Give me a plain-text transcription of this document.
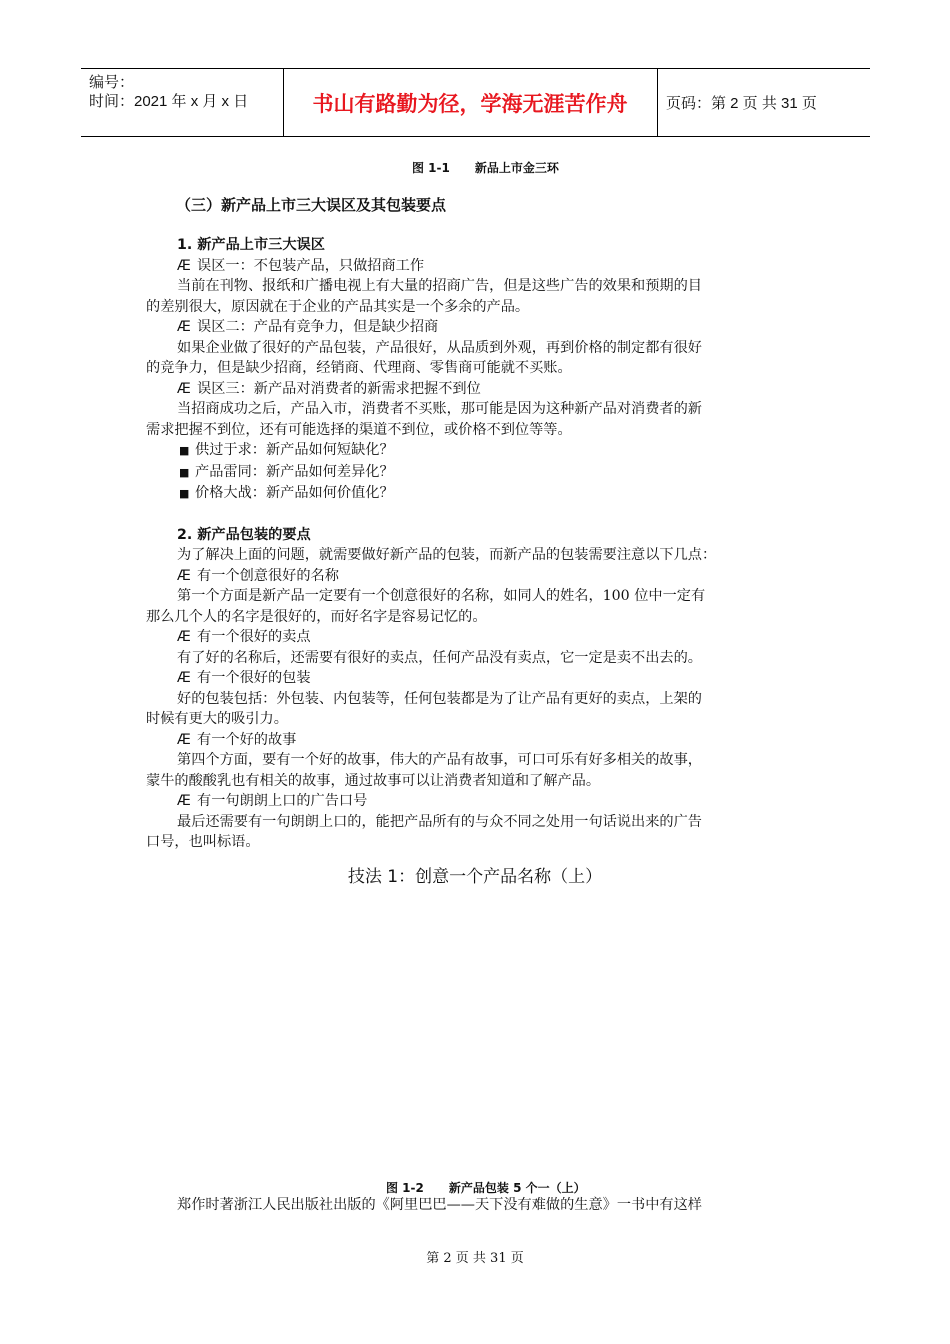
编号：
时间：2021 年 x 月 x 日	书山有路勤为径，学海无涯苦作舟	页码：第 2 页 共 31 页
图 1-1      新品上市金三环
（三）新产品上市三大误区及其包装要点
1. 新产品上市三大误区
Æ 误区一：不包装产品，只做招商工作
当前在刊物、报纸和广播电视上有大量的招商广告，但是这些广告的效果和预期的目
的差别很大，原因就在于企业的产品其实是一个多余的产品。
Æ 误区二：产品有竞争力，但是缺少招商
如果企业做了很好的产品包装，产品很好，从品质到外观，再到价格的制定都有很好
的竞争力，但是缺少招商，经销商、代理商、零售商可能就不买账。
Æ 误区三：新产品对消费者的新需求把握不到位
当招商成功之后，产品入市，消费者不买账，那可能是因为这种新产品对消费者的新
需求把握不到位，还有可能选择的渠道不到位，或价格不到位等等。
■ 供过于求：新产品如何短缺化？
■ 产品雷同：新产品如何差异化？
■ 价格大战：新产品如何价值化？
2. 新产品包装的要点
为了解决上面的问题，就需要做好新产品的包装，而新产品的包装需要注意以下几点：
Æ 有一个创意很好的名称
第一个方面是新产品一定要有一个创意很好的名称，如同人的姓名，100 位中一定有
那么几个人的名字是很好的，而好名字是容易记忆的。
Æ 有一个很好的卖点
有了好的名称后，还需要有很好的卖点，任何产品没有卖点，它一定是卖不出去的。
Æ 有一个很好的包装
好的包装包括：外包装、内包装等，任何包装都是为了让产品有更好的卖点，上架的
时候有更大的吸引力。
Æ 有一个好的故事
第四个方面，要有一个好的故事，伟大的产品有故事，可口可乐有好多相关的故事，
蒙牛的酸酸乳也有相关的故事，通过故事可以让消费者知道和了解产品。
Æ 有一句朗朗上口的广告口号
最后还需要有一句朗朗上口的，能把产品所有的与众不同之处用一句话说出来的广告
口号，也叫标语。
技法 1：创意一个产品名称（上）
图 1-2      新产品包装 5 个一（上）
郑作时著浙江人民出版社出版的《阿里巴巴——天下没有难做的生意》一书中有这样
第 2 页 共 31 页
